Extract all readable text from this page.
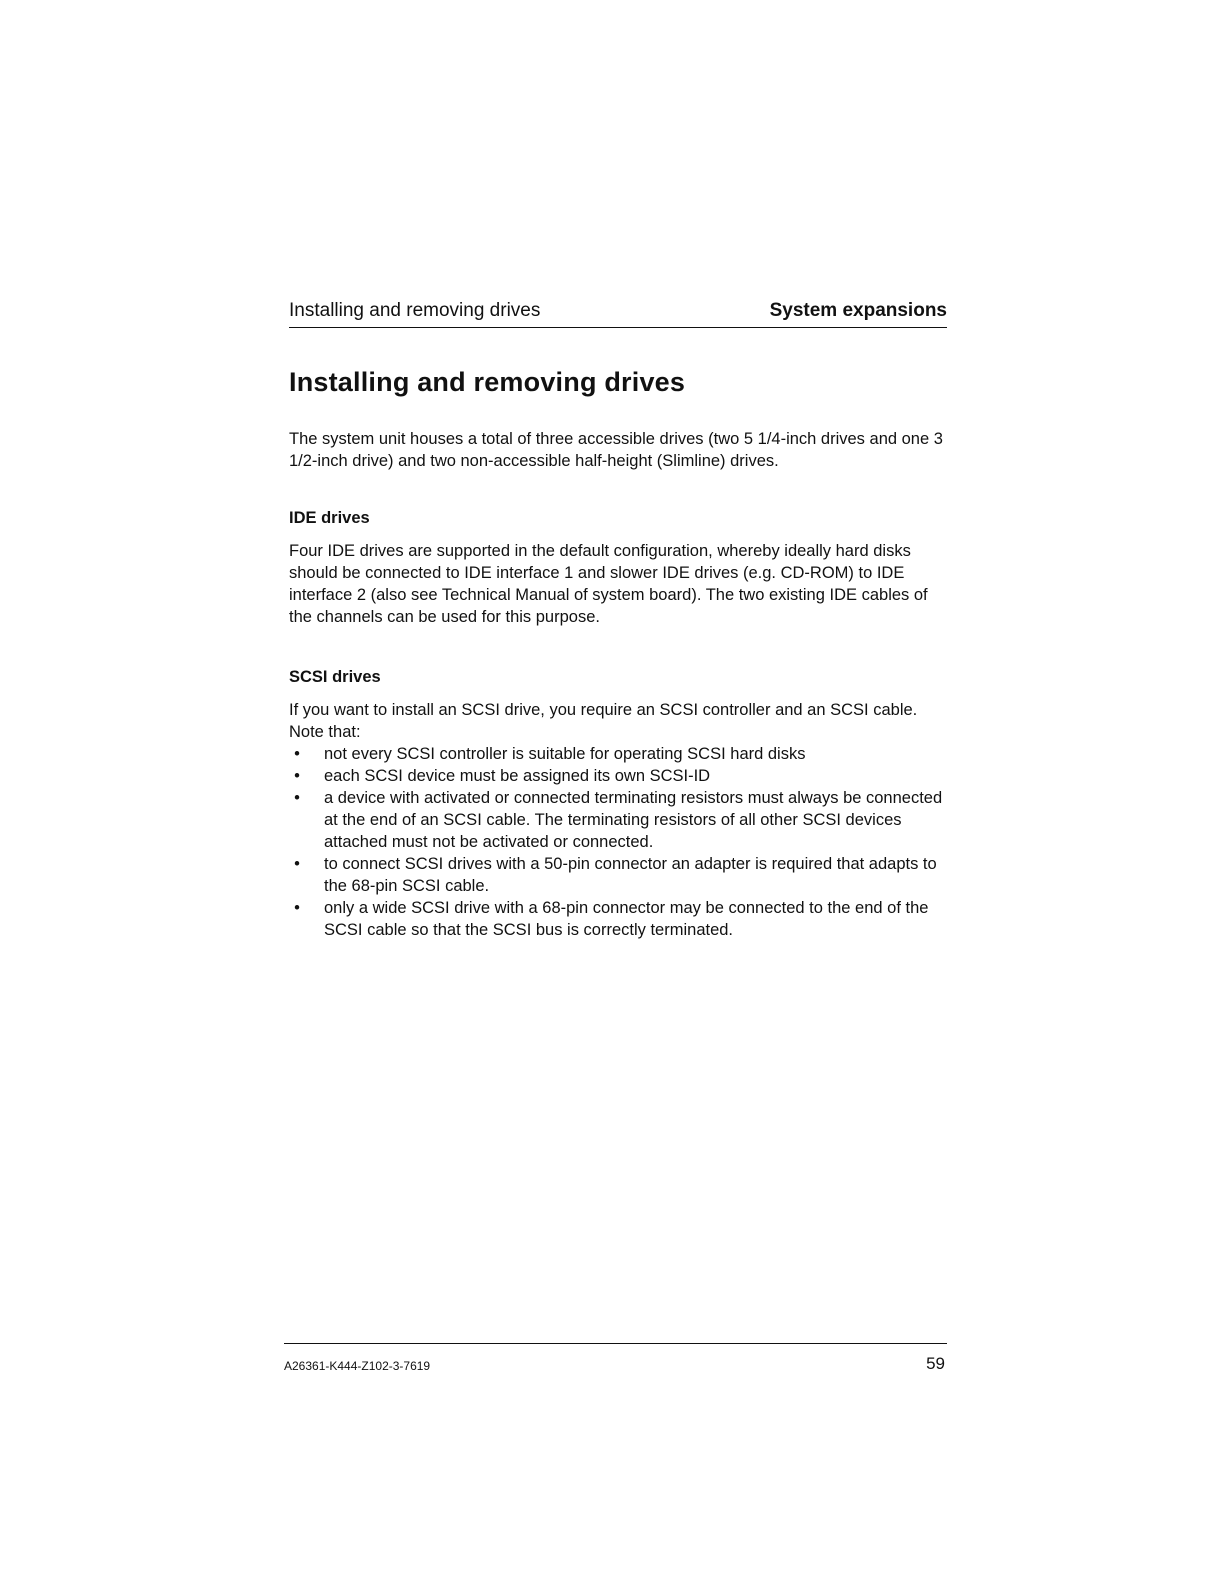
Installing and removing drives	System expansions
Installing and removing drives

The system unit houses a total of three accessible drives (two 5 1/4-inch drives and one 3 1/2-inch drive) and two non-accessible half-height (Slimline) drives.

IDE drives

Four IDE drives are supported in the default configuration, whereby ideally hard disks should be connected to IDE interface 1 and slower IDE drives (e.g. CD-ROM) to IDE interface 2 (also see Technical Manual of system board). The two existing IDE cables of the channels can be used for this purpose.

SCSI drives

If you want to install an SCSI drive, you require an SCSI controller and an SCSI cable. Note that:

• not every SCSI controller is suitable for operating SCSI hard disks
• each SCSI device must be assigned its own SCSI-ID
• a device with activated or connected terminating resistors must always be connected at the end of an SCSI cable. The terminating resistors of all other SCSI devices attached must not be activated or connected.
• to connect SCSI drives with a 50-pin connector an adapter is required that adapts to the 68-pin SCSI cable.
• only a wide SCSI drive with a 68-pin connector may be connected to the end of the SCSI cable so that the SCSI bus is correctly terminated.
A26361-K444-Z102-3-7619	59
